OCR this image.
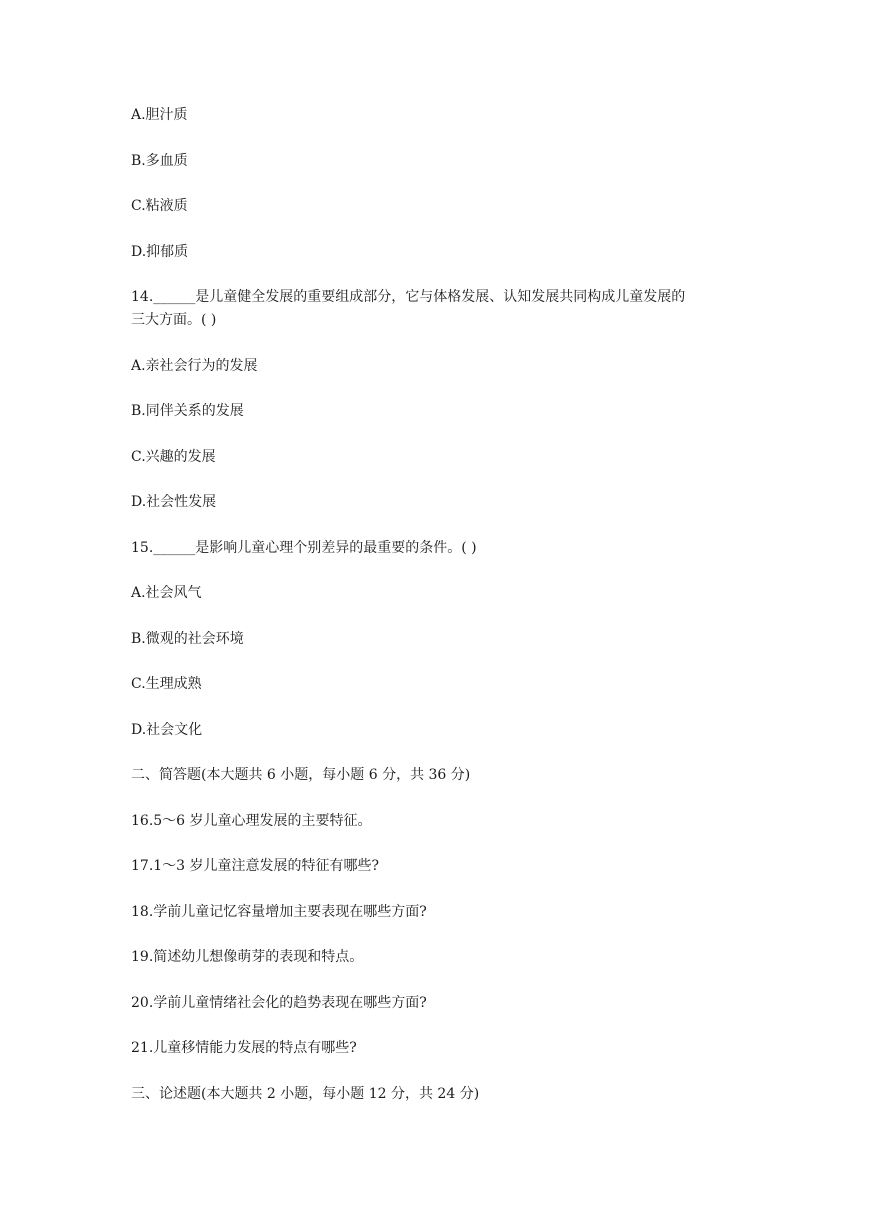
A.胆汁质
B.多血质
C.粘液质
D.抑郁质
14.______是儿童健全发展的重要组成部分，它与体格发展、认知发展共同构成儿童发展的
三大方面。( )
A.亲社会行为的发展
B.同伴关系的发展
C.兴趣的发展
D.社会性发展
15.______是影响儿童心理个别差异的最重要的条件。( )
A.社会风气
B.微观的社会环境
C.生理成熟
D.社会文化
二、简答题(本大题共 6 小题，每小题 6 分，共 36 分)
16.5～6 岁儿童心理发展的主要特征。
17.1～3 岁儿童注意发展的特征有哪些?
18.学前儿童记忆容量增加主要表现在哪些方面?
19.简述幼儿想像萌芽的表现和特点。
20.学前儿童情绪社会化的趋势表现在哪些方面?
21.儿童移情能力发展的特点有哪些?
三、论述题(本大题共 2 小题，每小题 12 分，共 24 分)
